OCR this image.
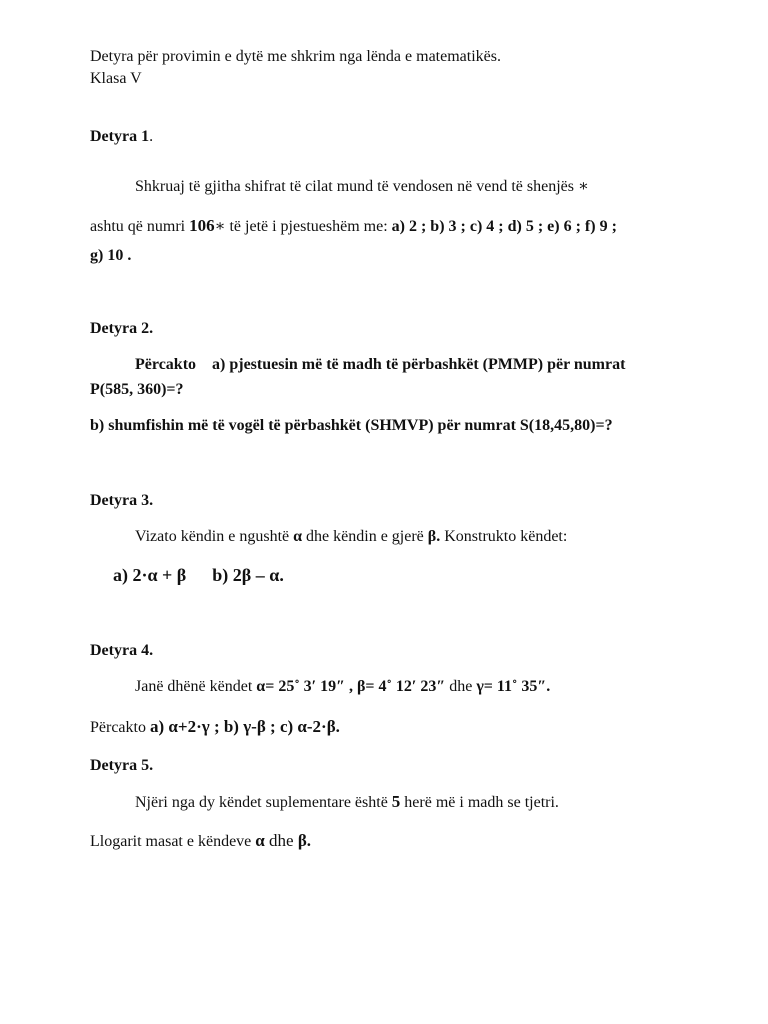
Detyra për provimin e dytë me shkrim nga lënda e matematikës.
Klasa V
Detyra 1.
Shkruaj të gjitha shifrat të cilat mund të vendosen në vend të shenjës ∗
ashtu që numri 106∗ të jetë i pjestueshëm me: a) 2 ; b) 3 ; c) 4 ; d) 5 ; e) 6 ; f) 9 ;
g) 10 .
Detyra 2.
Përcakto a) pjestuesin më të madh të përbashkët (PMMP) për numrat
P(585, 360)=?
b) shumfishin më të vogël të përbashkët (SHMVP) për numrat S(18,45,80)=?
Detyra 3.
Vizato këndin e ngushtë α dhe këndin e gjerë β. Konstrukto këndet:
a) 2·α + β b) 2β – α.
Detyra 4.
Janë dhënë këndet α= 25˚ 3′ 19″ , β= 4˚ 12′ 23″ dhe γ= 11˚ 35″.
Përcakto a) α+2·γ ; b) γ-β ; c) α-2·β.
Detyra 5.
Njëri nga dy këndet suplementare është 5 herë më i madh se tjetri.
Llogarit masat e këndeve α dhe β.
